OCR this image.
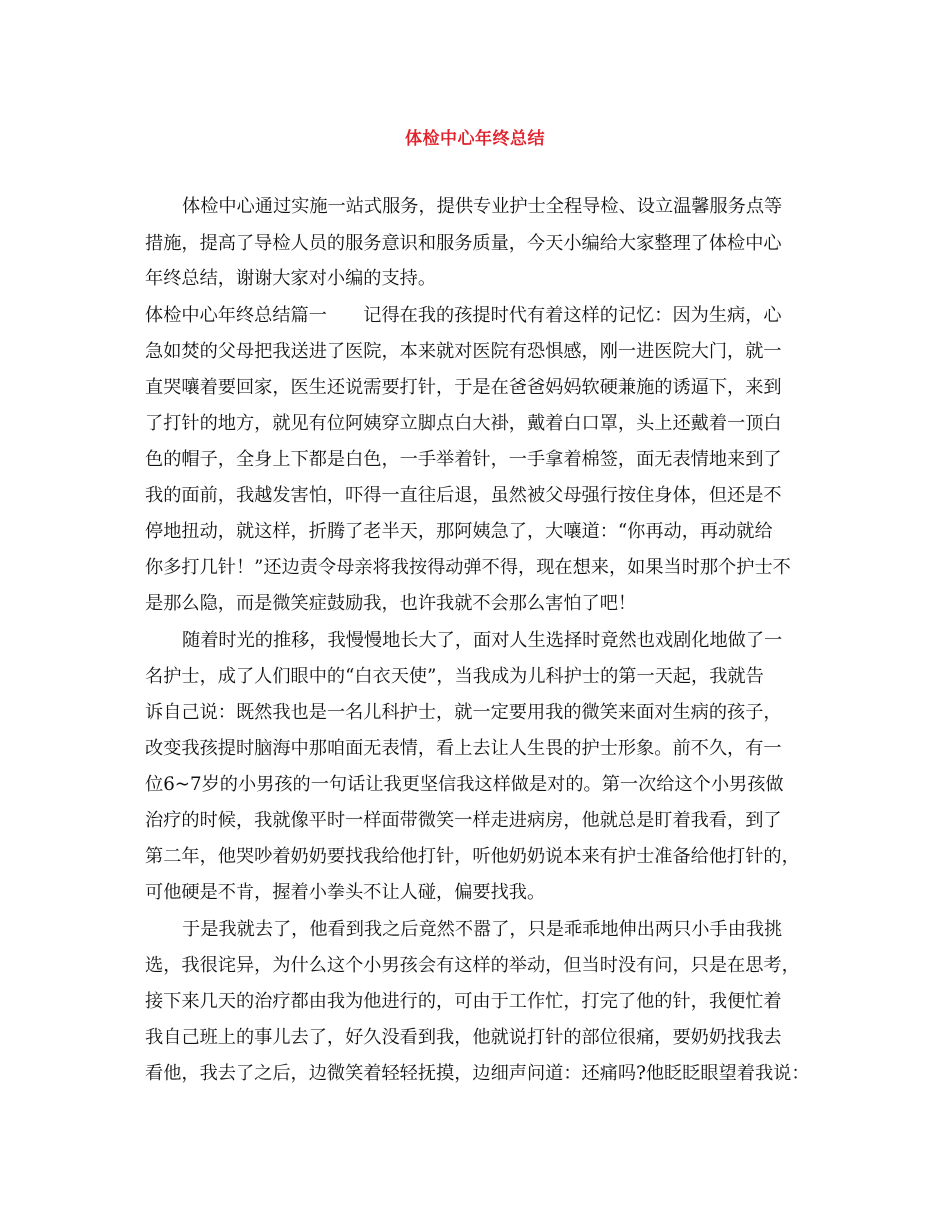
体检中心年终总结
体检中心通过实施一站式服务，提供专业护士全程导检、设立温馨服务点等
措施，提高了导检人员的服务意识和服务质量，今天小编给大家整理了体检中心
年终总结，谢谢大家对小编的支持。
体检中心年终总结篇一　　记得在我的孩提时代有着这样的记忆：因为生病，心
急如焚的父母把我送进了医院，本来就对医院有恐惧感，刚一进医院大门，就一
直哭嚷着要回家，医生还说需要打针，于是在爸爸妈妈软硬兼施的诱逼下，来到
了打针的地方，就见有位阿姨穿立脚点白大褂，戴着白口罩，头上还戴着一顶白
色的帽子，全身上下都是白色，一手举着针，一手拿着棉签，面无表情地来到了
我的面前，我越发害怕，吓得一直往后退，虽然被父母强行按住身体，但还是不
停地扭动，就这样，折腾了老半天，那阿姨急了，大嚷道：“你再动，再动就给
你多打几针！”还边责令母亲将我按得动弹不得，现在想来，如果当时那个护士不
是那么隐，而是微笑症鼓励我，也许我就不会那么害怕了吧！
随着时光的推移，我慢慢地长大了，面对人生选择时竟然也戏剧化地做了一
名护士，成了人们眼中的“白衣天使”，当我成为儿科护士的第一天起，我就告
诉自己说：既然我也是一名儿科护士，就一定要用我的微笑来面对生病的孩子，
改变我孩提时脑海中那咱面无表情，看上去让人生畏的护士形象。前不久，有一
位6~7岁的小男孩的一句话让我更坚信我这样做是对的。第一次给这个小男孩做
治疗的时候，我就像平时一样面带微笑一样走进病房，他就总是盯着我看，到了
第二年，他哭吵着奶奶要找我给他打针，听他奶奶说本来有护士准备给他打针的，
可他硬是不肯，握着小拳头不让人碰，偏要找我。
于是我就去了，他看到我之后竟然不嚣了，只是乖乖地伸出两只小手由我挑
选，我很诧异，为什么这个小男孩会有这样的举动，但当时没有问，只是在思考，
接下来几天的治疗都由我为他进行的，可由于工作忙，打完了他的针，我便忙着
我自己班上的事儿去了，好久没看到我，他就说打针的部位很痛，要奶奶找我去
看他，我去了之后，边微笑着轻轻抚摸，边细声问道：还痛吗?他眨眨眼望着我说：
